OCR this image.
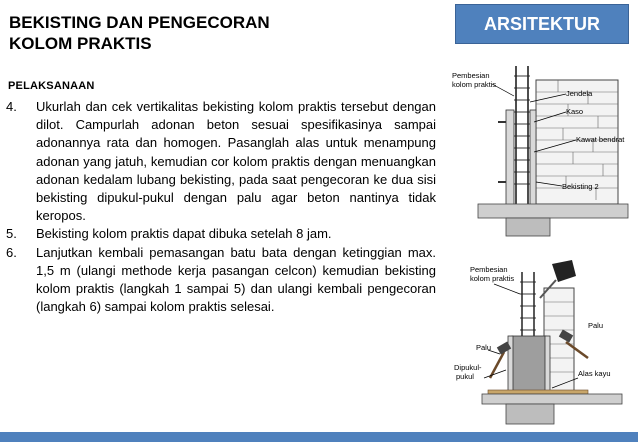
BEKISTING DAN PENGECORAN
KOLOM PRAKTIS
ARSITEKTUR
PELAKSANAAN
4.	Ukurlah dan cek vertikalitas bekisting kolom praktis tersebut dengan dilot. Campurlah adonan beton sesuai spesifikasinya sampai adonannya rata dan homogen. Pasanglah alas untuk menampung adonan yang jatuh, kemudian cor kolom praktis dengan menuangkan adonan kedalam lubang bekisting, pada saat pengecoran ke dua sisi bekisting dipukul-pukul dengan palu agar beton nantinya tidak keropos.
5.	Bekisting kolom praktis dapat dibuka setelah 8 jam.
6.	Lanjutkan kembali pemasangan batu bata dengan ketinggian max. 1,5 m (ulangi methode kerja pasangan celcon) kemudian bekisting kolom praktis (langkah 1 sampai 5) dan ulangi kembali pengecoran (langkah 6) sampai kolom praktis selesai.
Pembesian
kolom praktis
Jendela
Kaso
Kawat bendrat
Bekisting 2
Pembesian
kolom praktis
Palu
Palu
Dipukul-
pukul	Alas kayu
